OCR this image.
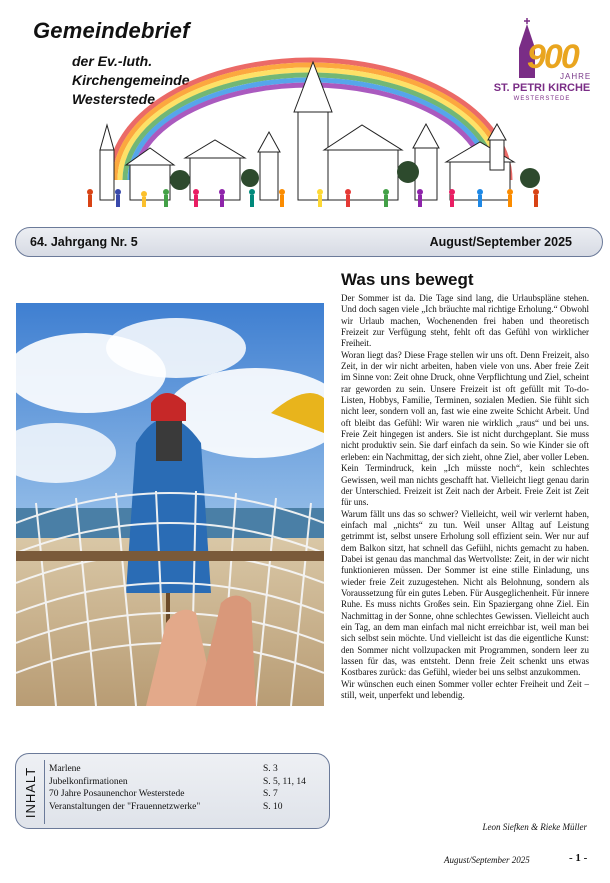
Gemeindebrief
der Ev.-luth.
Kirchengemeinde
Westerstede
900
JAHRE
ST. PETRI KIRCHE
WESTERSTEDE
64. Jahrgang Nr. 5	August/September 2025
Was uns bewegt

Der Sommer ist da. Die Tage sind lang, die Urlaubspläne stehen. Und doch sagen viele „Ich bräuchte mal richtige Erholung.“ Obwohl wir Urlaub machen, Wochenenden frei haben und theoretisch Freizeit zur Verfügung steht, fehlt oft das Gefühl von wirklicher Freiheit.

Woran liegt das? Diese Frage stellen wir uns oft. Denn Freizeit, also Zeit, in der wir nicht arbeiten, haben viele von uns. Aber freie Zeit im Sinne von: Zeit ohne Druck, ohne Verpflichtung und Ziel, scheint rar geworden zu sein. Unsere Freizeit ist oft gefüllt mit To-do-Listen, Hobbys, Familie, Terminen, sozialen Medien. Sie fühlt sich nicht leer, sondern voll an, fast wie eine zweite Schicht Arbeit. Und oft bleibt das Gefühl: Wir waren nie wirklich „raus“ und bei uns. Freie Zeit hingegen ist anders. Sie ist nicht durchgeplant. Sie muss nicht produktiv sein. Sie darf einfach da sein. So wie Kinder sie oft erleben: ein Nachmittag, der sich zieht, ohne Ziel, aber voller Leben. Kein Termindruck, kein „Ich müsste noch“, kein schlechtes Gewissen, weil man nichts geschafft hat. Vielleicht liegt genau darin der Unterschied. Freizeit ist Zeit nach der Arbeit. Freie Zeit ist Zeit für uns.

Warum fällt uns das so schwer? Vielleicht, weil wir verlernt haben, einfach mal „nichts“ zu tun. Weil unser Alltag auf Leistung getrimmt ist, selbst unsere Erholung soll effizient sein. Wer nur auf dem Balkon sitzt, hat schnell das Gefühl, nichts gemacht zu haben. Dabei ist genau das manchmal das Wertvollste: Zeit, in der wir nicht funktionieren müssen. Der Sommer ist eine stille Einladung, uns wieder freie Zeit zuzugestehen. Nicht als Belohnung, sondern als Voraussetzung für ein gutes Leben. Für Ausgeglichenheit. Für innere Ruhe. Es muss nichts Großes sein. Ein Spaziergang ohne Ziel. Ein Nachmittag in der Sonne, ohne schlechtes Gewissen. Vielleicht auch ein Tag, an dem man einfach mal nicht erreichbar ist, weil man bei sich selbst sein möchte. Und vielleicht ist das die eigentliche Kunst: den Sommer nicht vollzupacken mit Programmen, sondern leer zu lassen für das, was entsteht. Denn freie Zeit schenkt uns etwas Kostbares zurück: das Gefühl, wieder bei uns selbst anzukommen.

Wir wünschen euch einen Sommer voller echter Freiheit und Zeit – still, weit, unperfekt und lebendig.

Leon Siefken & Rieke Müller
INHALT Marlene	S. 3
Jubelkonfirmationen	S. 5, 11, 14
70 Jahre Posaunenchor Westerstede	S. 7
Veranstaltungen der "Frauennetzwerke"	S. 10
August/September 2025	- 1 -
